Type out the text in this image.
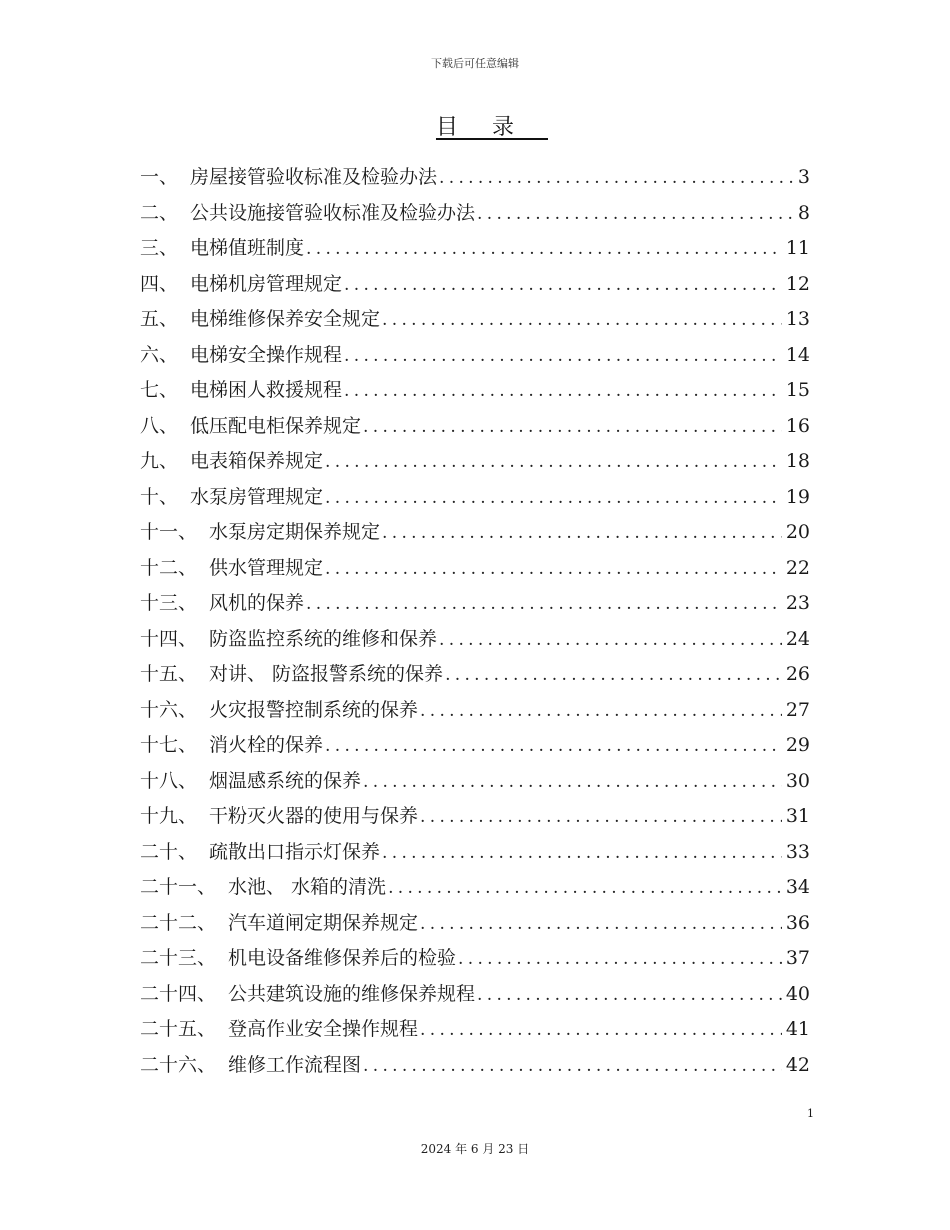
下载后可任意编辑
目录
一、 房屋接管验收标准及检验办法 .....	3
二、 公共设施接管验收标准及检验办法 .....	8
三、 电梯值班制度 .....	11
四、 电梯机房管理规定 .....	12
五、 电梯维修保养安全规定 .....	13
六、 电梯安全操作规程 .....	14
七、 电梯困人救援规程 .....	15
八、 低压配电柜保养规定 .....	16
九、 电表箱保养规定 .....	18
十、 水泵房管理规定 .....	19
十一、 水泵房定期保养规定 .....	20
十二、 供水管理规定 .....	22
十三、 风机的保养 .....	23
十四、 防盗监控系统的维修和保养 .....	24
十五、 对讲、 防盗报警系统的保养 .....	26
十六、 火灾报警控制系统的保养 .....	27
十七、 消火栓的保养 .....	29
十八、 烟温感系统的保养 .....	30
十九、 干粉灭火器的使用与保养 .....	31
二十、 疏散出口指示灯保养 .....	33
二十一、 水池、 水箱的清洗 .....	34
二十二、 汽车道闸定期保养规定 .....	36
二十三、 机电设备维修保养后的检验 .....	37
二十四、 公共建筑设施的维修保养规程 .....	40
二十五、 登高作业安全操作规程 .....	41
二十六、 维修工作流程图 .....	42
1
2024 年 6 月 23 日
